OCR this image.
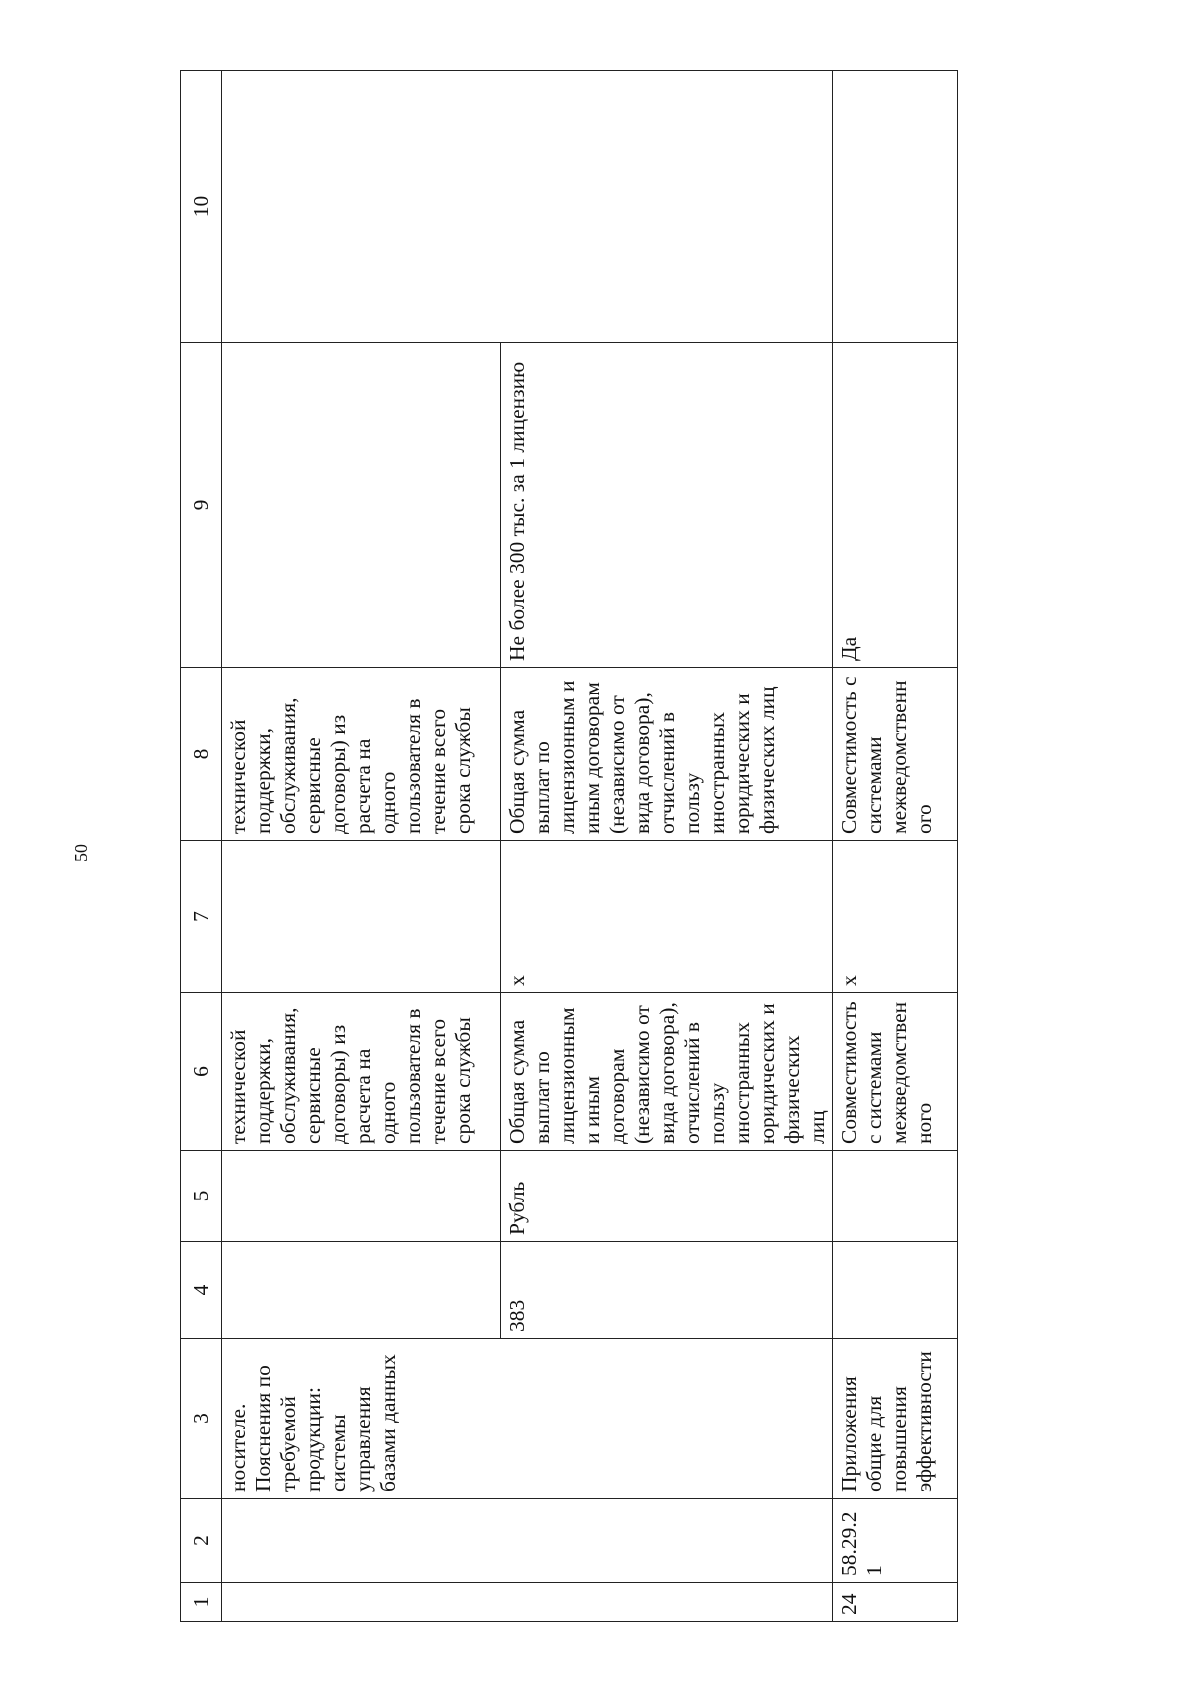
50
1	2	3	4	5	6	7	8	9	10
		носителе. Пояснения по требуемой продукции: системы управления базами данных			технической поддержки, обслуживания, сервисные договоры) из расчета на одного пользователя в течение всего срока службы		технической поддержки, обслуживания, сервисные договоры) из расчета на одного пользователя в течение всего срока службы		
			383	Рубль	Общая сумма выплат по лицензионным и иным договорам (независимо от вида договора), отчислений в пользу иностранных юридических и физических лиц	х	Общая сумма выплат по лицензионным и иным договорам (независимо от вида договора), отчислений в пользу иностранных юридических и физических лиц	Не более 300 тыс. за 1 лицензию	
24	58.29.21	Приложения общие для повышения эффективности			Совместимость с системами межведомствен ного	х	Совместимость с системами межведомственн ого	Да	
